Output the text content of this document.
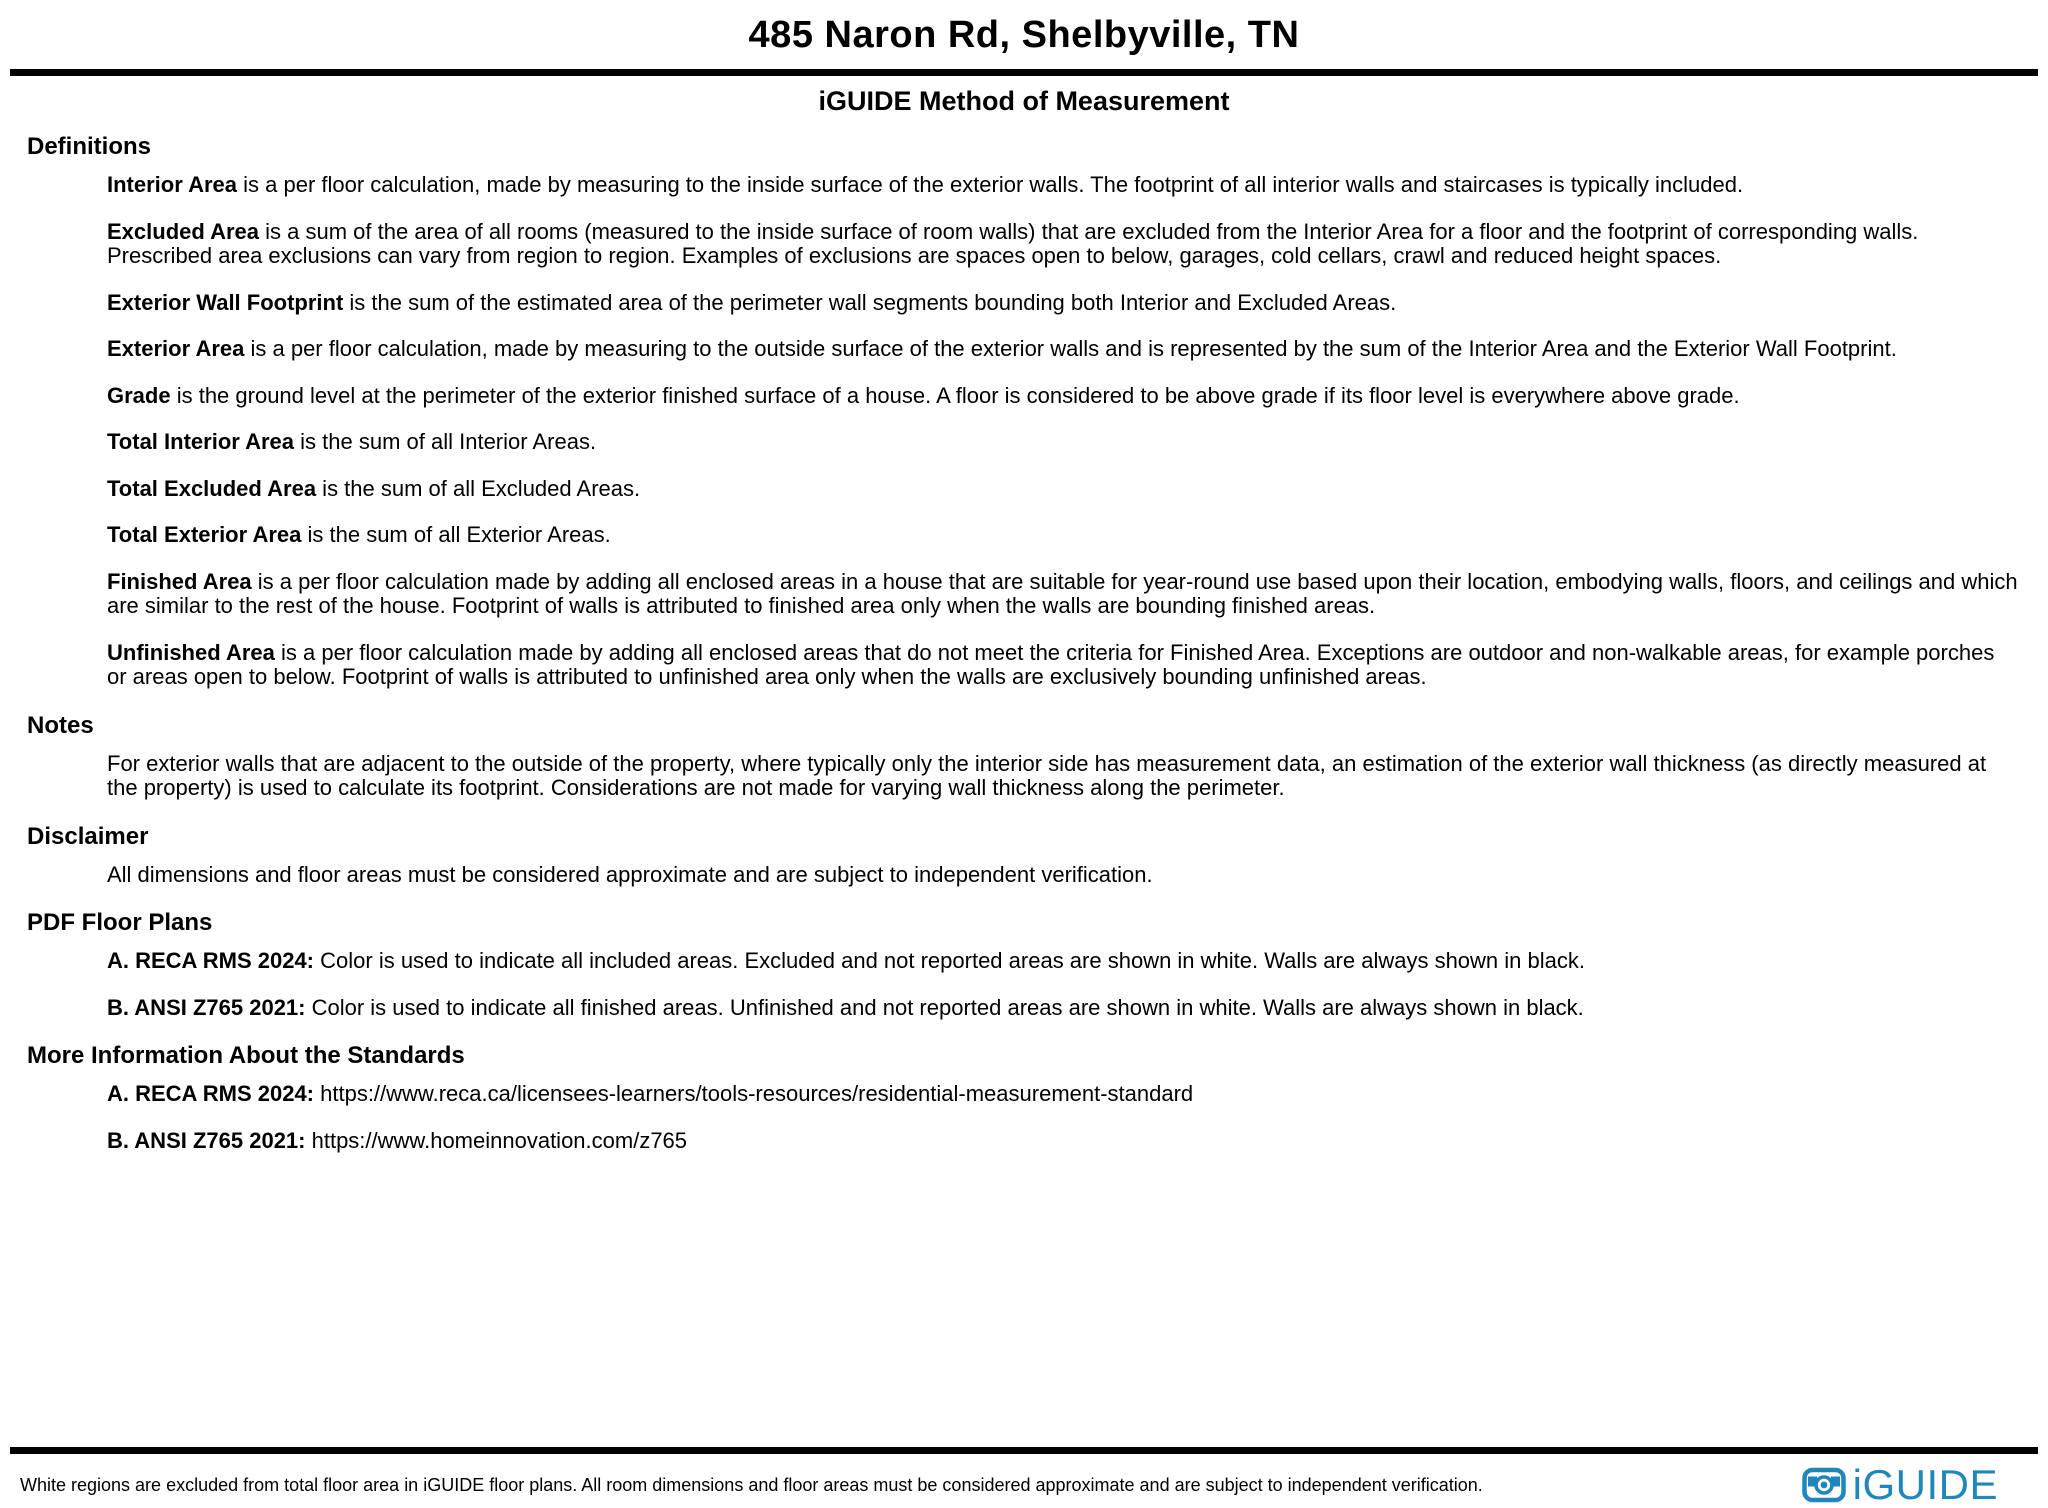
485 Naron Rd, Shelbyville, TN
iGUIDE Method of Measurement
Definitions

Interior Area is a per floor calculation, made by measuring to the inside surface of the exterior walls. The footprint of all interior walls and staircases is typically included.

Excluded Area is a sum of the area of all rooms (measured to the inside surface of room walls) that are excluded from the Interior Area for a floor and the footprint of corresponding walls. Prescribed area exclusions can vary from region to region. Examples of exclusions are spaces open to below, garages, cold cellars, crawl and reduced height spaces.

Exterior Wall Footprint is the sum of the estimated area of the perimeter wall segments bounding both Interior and Excluded Areas.

Exterior Area is a per floor calculation, made by measuring to the outside surface of the exterior walls and is represented by the sum of the Interior Area and the Exterior Wall Footprint.

Grade is the ground level at the perimeter of the exterior finished surface of a house. A floor is considered to be above grade if its floor level is everywhere above grade.

Total Interior Area is the sum of all Interior Areas.

Total Excluded Area is the sum of all Excluded Areas.

Total Exterior Area is the sum of all Exterior Areas.

Finished Area is a per floor calculation made by adding all enclosed areas in a house that are suitable for year-round use based upon their location, embodying walls, floors, and ceilings and which are similar to the rest of the house. Footprint of walls is attributed to finished area only when the walls are bounding finished areas.

Unfinished Area is a per floor calculation made by adding all enclosed areas that do not meet the criteria for Finished Area. Exceptions are outdoor and non-walkable areas, for example porches or areas open to below. Footprint of walls is attributed to unfinished area only when the walls are exclusively bounding unfinished areas.

Notes

For exterior walls that are adjacent to the outside of the property, where typically only the interior side has measurement data, an estimation of the exterior wall thickness (as directly measured at the property) is used to calculate its footprint. Considerations are not made for varying wall thickness along the perimeter.

Disclaimer

All dimensions and floor areas must be considered approximate and are subject to independent verification.

PDF Floor Plans

A. RECA RMS 2024: Color is used to indicate all included areas. Excluded and not reported areas are shown in white. Walls are always shown in black.

B. ANSI Z765 2021: Color is used to indicate all finished areas. Unfinished and not reported areas are shown in white. Walls are always shown in black.

More Information About the Standards

A. RECA RMS 2024: https://www.reca.ca/licensees-learners/tools-resources/residential-measurement-standard

B. ANSI Z765 2021: https://www.homeinnovation.com/z765

White regions are excluded from total floor area in iGUIDE floor plans. All room dimensions and floor areas must be considered approximate and are subject to independent verification.	iGUIDE
